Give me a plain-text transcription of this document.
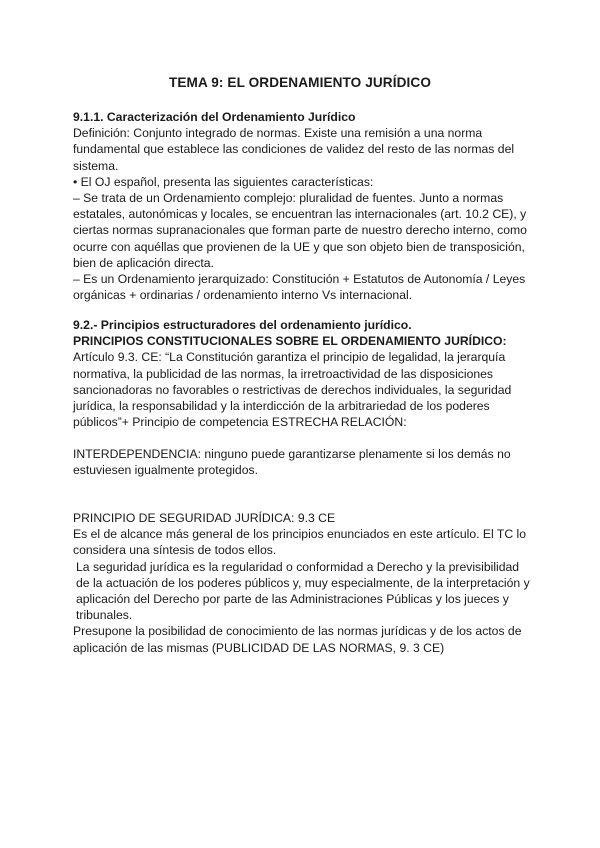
TEMA 9: EL ORDENAMIENTO JURÍDICO

9.1.1. Caracterización del Ordenamiento Jurídico

Definición: Conjunto integrado de normas. Existe una remisión a una norma fundamental que establece las condiciones de validez del resto de las normas del sistema.

• El OJ español, presenta las siguientes características:

– Se trata de un Ordenamiento complejo: pluralidad de fuentes. Junto a normas estatales, autonómicas y locales, se encuentran las internacionales (art. 10.2 CE), y ciertas normas supranacionales que forman parte de nuestro derecho interno, como ocurre con aquéllas que provienen de la UE y que son objeto bien de transposición, bien de aplicación directa.

– Es un Ordenamiento jerarquizado: Constitución + Estatutos de Autonomía / Leyes orgánicas + ordinarias / ordenamiento interno Vs internacional.

9.2.- Principios estructuradores del ordenamiento jurídico.

PRINCIPIOS CONSTITUCIONALES SOBRE EL ORDENAMIENTO JURÍDICO:

Artículo 9.3. CE: “La Constitución garantiza el principio de legalidad, la jerarquía normativa, la publicidad de las normas, la irretroactividad de las disposiciones sancionadoras no favorables o restrictivas de derechos individuales, la seguridad jurídica, la responsabilidad y la interdicción de la arbitrariedad de los poderes públicos”+ Principio de competencia ESTRECHA RELACIÓN:

INTERDEPENDENCIA: ninguno puede garantizarse plenamente si los demás no estuviesen igualmente protegidos.

PRINCIPIO DE SEGURIDAD JURÍDICA: 9.3 CE

Es el de alcance más general de los principios enunciados en este artículo. El TC lo considera una síntesis de todos ellos.

La seguridad jurídica es la regularidad o conformidad a Derecho y la previsibilidad de la actuación de los poderes públicos y, muy especialmente, de la interpretación y aplicación del Derecho por parte de las Administraciones Públicas y los jueces y tribunales.

Presupone la posibilidad de conocimiento de las normas jurídicas y de los actos de aplicación de las mismas (PUBLICIDAD DE LAS NORMAS, 9. 3 CE)
